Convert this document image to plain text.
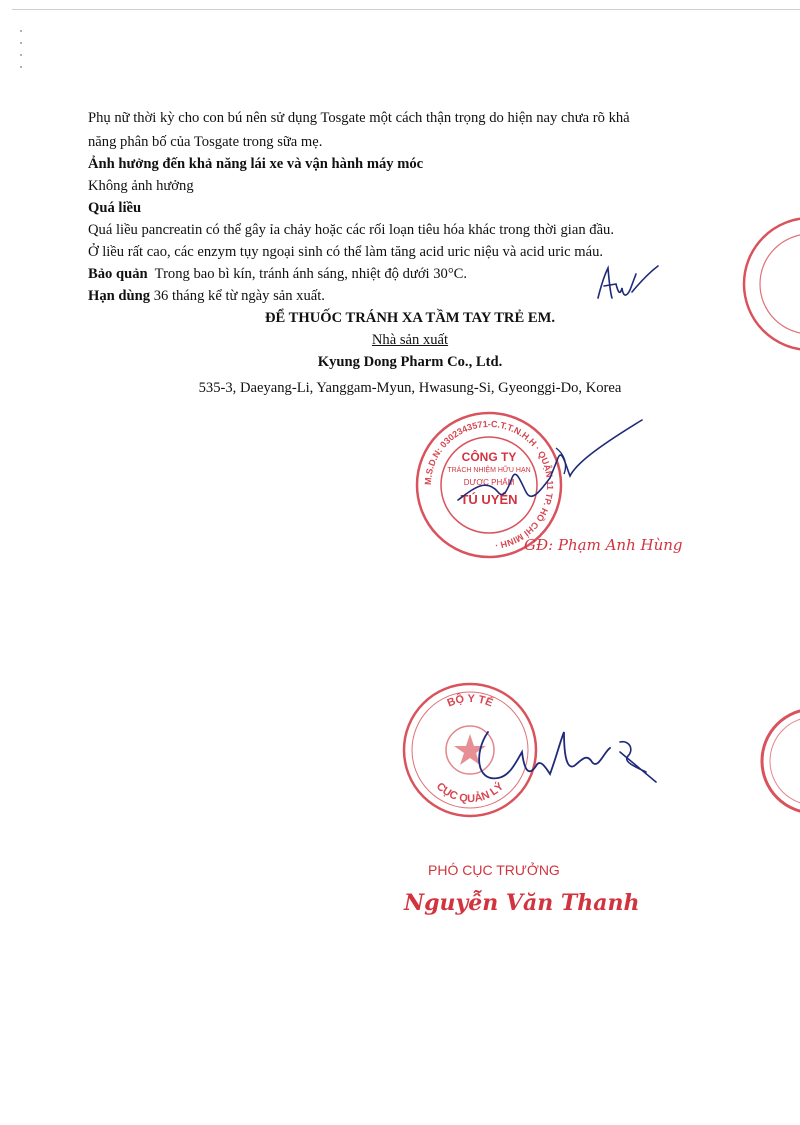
Phụ nữ thời kỳ cho con bú nên sử dụng Tosgate một cách thận trọng do hiện nay chưa rõ khả
năng phân bố của Tosgate trong sữa mẹ.
Ảnh hưởng đến khả năng lái xe và vận hành máy móc
Không ảnh hưởng
Quá liều
Quá liều pancreatin có thể gây ỉa chảy hoặc các rối loạn tiêu hóa khác trong thời gian đầu.
Ở liều rất cao, các enzym tụy ngoại sinh có thể làm tăng acid uric niệu và acid uric máu.
Bảo quản Trong bao bì kín, tránh ánh sáng, nhiệt độ dưới 30°C.
Hạn dùng 36 tháng kể từ ngày sản xuất.
ĐỂ THUỐC TRÁNH XA TẦM TAY TRẺ EM.
Nhà sản xuất
Kyung Dong Pharm Co., Ltd.
535-3, Daeyang-Li, Yanggam-Myun, Hwasung-Si, Gyeonggi-Do, Korea
M.S.D.N: 0302343571-C.T.T.N.H.H · QUẬN 11 TP. HỒ CHÍ MINH ·
CÔNG TY
TRÁCH NHIỆM HỮU HẠN
DƯỢC PHẨM
TÚ UYÊN
GĐ: Phạm Anh Hùng
BỘ Y TẾ
CỤC QUẢN LÝ
PHÓ CỤC TRƯỞNG
Nguyễn Văn Thanh
